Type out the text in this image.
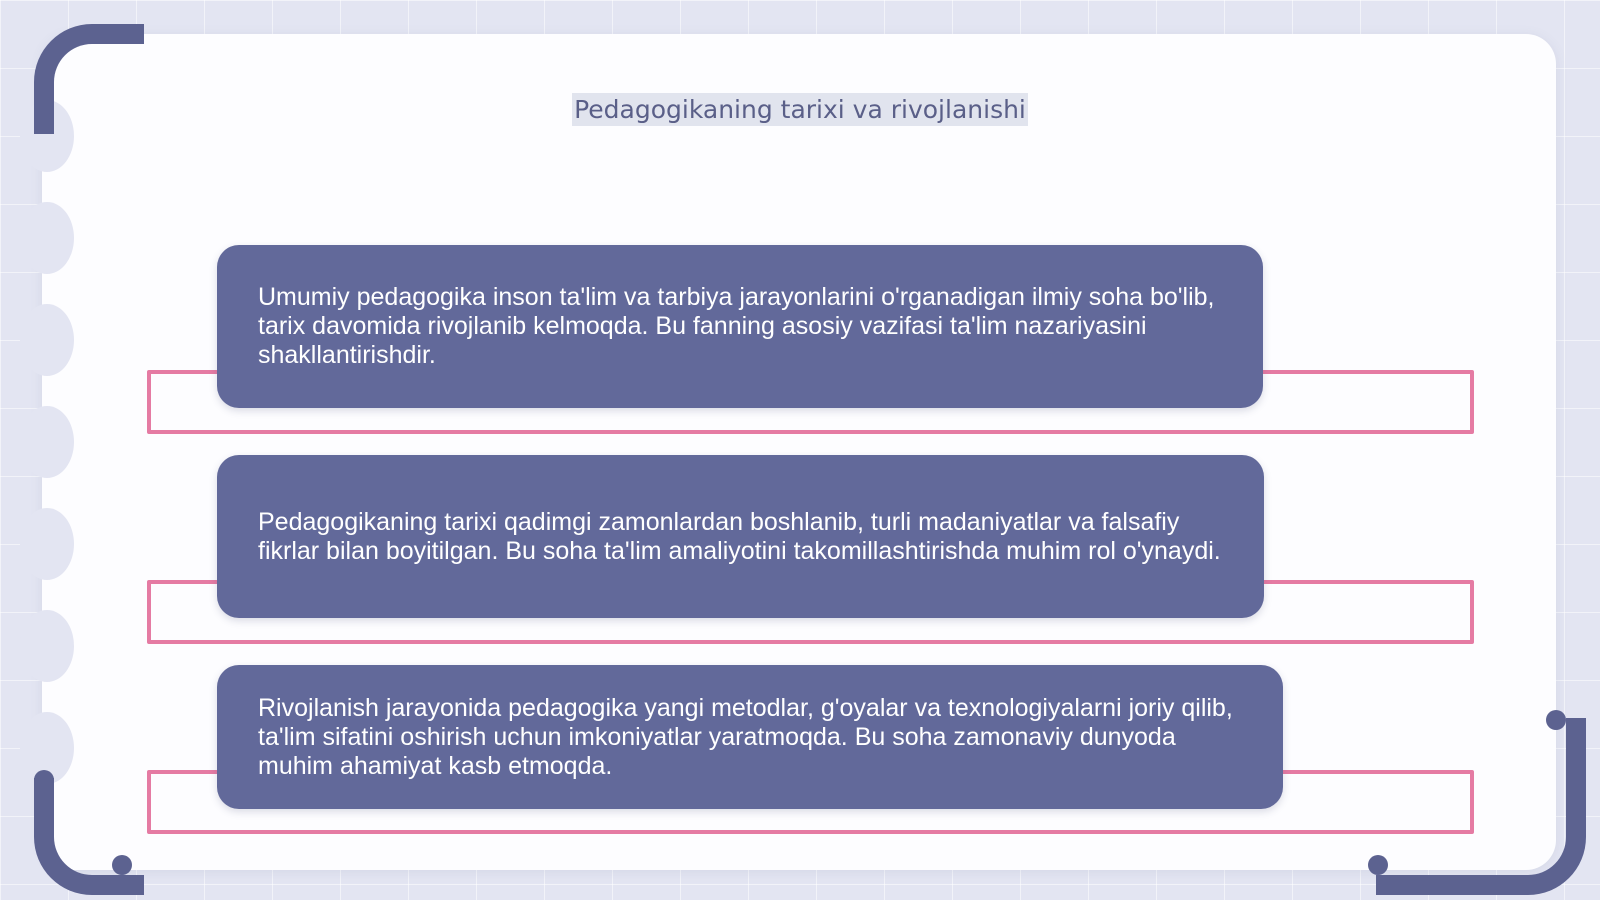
Pedagogikaning tarixi va rivojlanishi

Umumiy pedagogika inson ta'lim va tarbiya jarayonlarini o'rganadigan ilmiy soha bo'lib, tarix davomida rivojlanib kelmoqda. Bu fanning asosiy vazifasi ta'lim nazariyasini shakllantirishdir.

Pedagogikaning tarixi qadimgi zamonlardan boshlanib, turli madaniyatlar va falsafiy fikrlar bilan boyitilgan. Bu soha ta'lim amaliyotini takomillashtirishda muhim rol o'ynaydi.

Rivojlanish jarayonida pedagogika yangi metodlar, g'oyalar va texnologiyalarni joriy qilib, ta'lim sifatini oshirish uchun imkoniyatlar yaratmoqda. Bu soha zamonaviy dunyoda muhim ahamiyat kasb etmoqda.
